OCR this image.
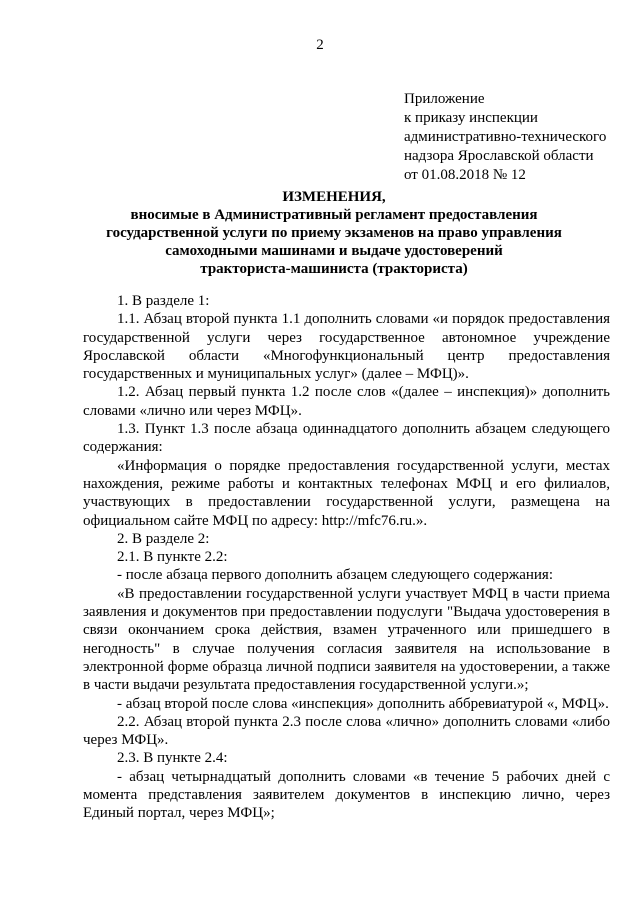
2
Приложение
к приказу инспекции
административно-технического
надзора Ярославской области
от 01.08.2018 № 12
ИЗМЕНЕНИЯ,
вносимые в Административный регламент предоставления
государственной услуги по приему экзаменов на право управления
самоходными машинами и выдаче удостоверений
тракториста-машиниста (тракториста)

1. В разделе 1:

1.1. Абзац второй пункта 1.1 дополнить словами «и порядок предоставления государственной услуги через государственное автономное учреждение Ярославской области «Многофункциональный центр предоставления государственных и муниципальных услуг» (далее – МФЦ)».

1.2. Абзац первый пункта 1.2 после слов «(далее – инспекция)» дополнить словами «лично или через МФЦ».

1.3. Пункт 1.3 после абзаца одиннадцатого дополнить абзацем следующего содержания:

«Информация о порядке предоставления государственной услуги, местах нахождения, режиме работы и контактных телефонах МФЦ и его филиалов, участвующих в предоставлении государственной услуги, размещена на официальном сайте МФЦ по адресу: http://mfc76.ru.».

2. В разделе 2:

2.1. В пункте 2.2:

- после абзаца первого дополнить абзацем следующего содержания:

«В предоставлении государственной услуги участвует МФЦ в части приема заявления и документов при предоставлении подуслуги "Выдача удостоверения в связи окончанием срока действия, взамен утраченного или пришедшего в негодность" в случае получения согласия заявителя на использование в электронной форме образца личной подписи заявителя на удостоверении, а также в части выдачи результата предоставления государственной услуги.»;

- абзац второй после слова «инспекция» дополнить аббревиатурой «, МФЦ».

2.2. Абзац второй пункта 2.3 после слова «лично» дополнить словами «либо через МФЦ».

2.3. В пункте 2.4:

- абзац четырнадцатый дополнить словами «в течение 5 рабочих дней с момента представления заявителем документов в инспекцию лично, через Единый портал, через МФЦ»;
